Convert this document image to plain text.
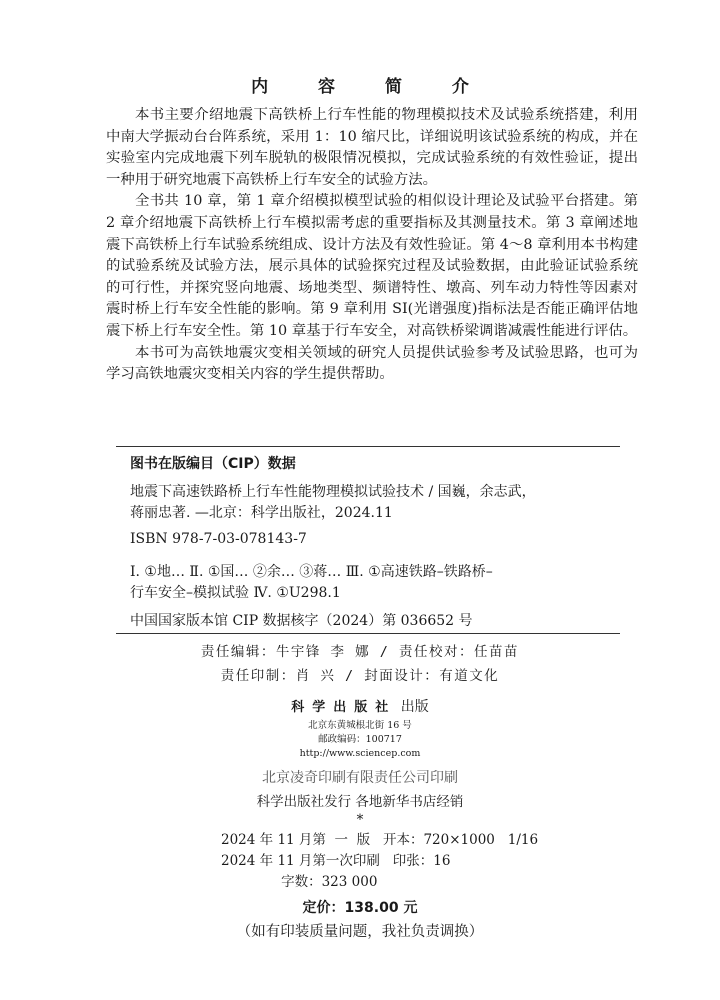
内 容 简 介

本书主要介绍地震下高铁桥上行车性能的物理模拟技术及试验系统搭建，利用中南大学振动台台阵系统，采用 1：10 缩尺比，详细说明该试验系统的构成，并在实验室内完成地震下列车脱轨的极限情况模拟，完成试验系统的有效性验证，提出一种用于研究地震下高铁桥上行车安全的试验方法。

全书共 10 章，第 1 章介绍模拟模型试验的相似设计理论及试验平台搭建。第 2 章介绍地震下高铁桥上行车模拟需考虑的重要指标及其测量技术。第 3 章阐述地震下高铁桥上行车试验系统组成、设计方法及有效性验证。第 4～8 章利用本书构建的试验系统及试验方法，展示具体的试验探究过程及试验数据，由此验证试验系统的可行性，并探究竖向地震、场地类型、频谱特性、墩高、列车动力特性等因素对震时桥上行车安全性能的影响。第 9 章利用 SI(光谱强度)指标法是否能正确评估地震下桥上行车安全性。第 10 章基于行车安全，对高铁桥梁调谐减震性能进行评估。

本书可为高铁地震灾变相关领域的研究人员提供试验参考及试验思路，也可为学习高铁地震灾变相关内容的学生提供帮助。

图书在版编目（CIP）数据

地震下高速铁路桥上行车性能物理模拟试验技术 / 国巍，余志武，

蒋丽忠著. —北京：科学出版社，2024.11

ISBN 978-7-03-078143-7

Ⅰ. ①地… Ⅱ. ①国… ②余… ③蒋… Ⅲ. ①高速铁路–铁路桥–

行车安全–模拟试验 Ⅳ. ①U298.1

中国国家版本馆 CIP 数据核字（2024）第 036652 号
责任编辑：牛宇锋 李 娜 / 责任校对：任苗苗
责任印制：肖 兴 / 封面设计：有道文化
科学出版社 出版
北京东黄城根北街 16 号
邮政编码：100717
http://www.sciencep.com
北京凌奇印刷有限责任公司印刷
科学出版社发行 各地新华书店经销
*
2024 年 11 月第  一  版   开本：720×1000   1/16
2024 年 11 月第一次印刷   印张：16
字数：323 000
定价：138.00 元
（如有印装质量问题，我社负责调换）
